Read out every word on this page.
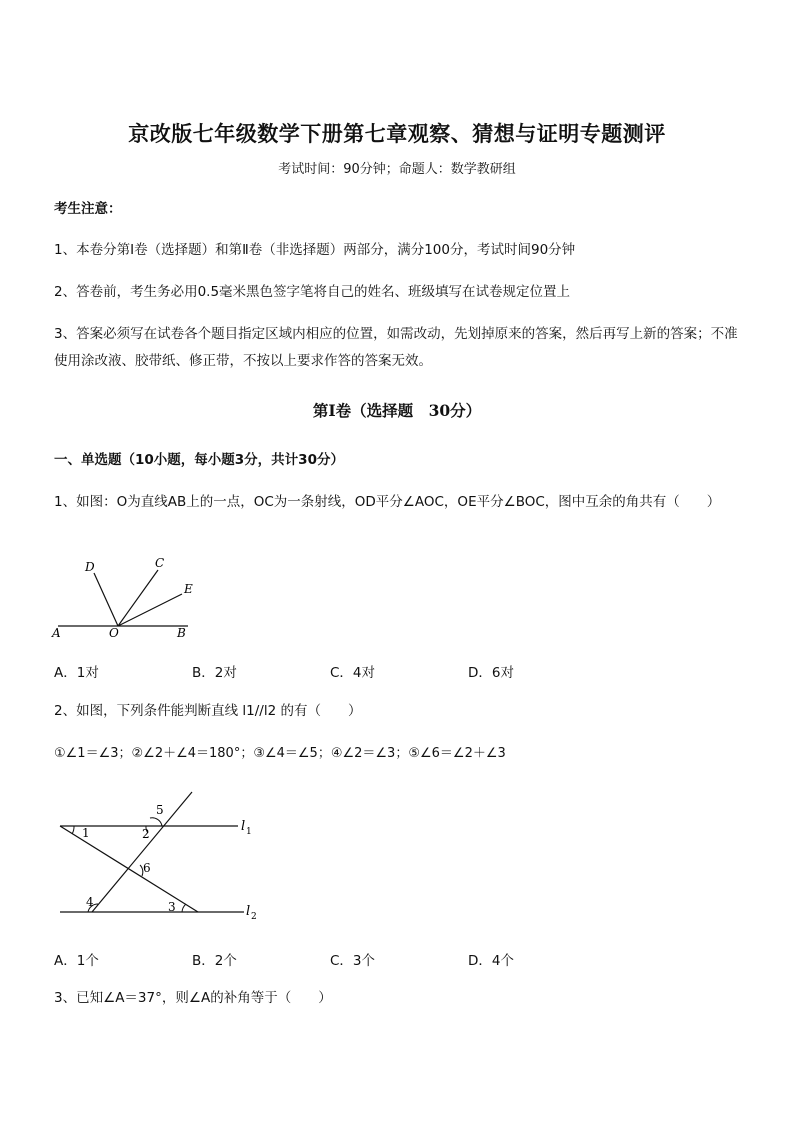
京改版七年级数学下册第七章观察、猜想与证明专题测评
考试时间：90分钟；命题人：数学教研组
考生注意：
1、本卷分第Ⅰ卷（选择题）和第Ⅱ卷（非选择题）两部分，满分100分，考试时间90分钟
2、答卷前，考生务必用0.5毫米黑色签字笔将自己的姓名、班级填写在试卷规定位置上
3、答案必须写在试卷各个题目指定区域内相应的位置，如需改动，先划掉原来的答案，然后再写上新的答案；不准使用涂改液、胶带纸、修正带，不按以上要求作答的答案无效。
第Ⅰ卷（选择题　30分）
一、单选题（10小题，每小题3分，共计30分）
1、如图：O为直线AB上的一点，OC为一条射线，OD平分∠AOC，OE平分∠BOC，图中互余的角共有（　　）
A	O	B
D	C
E
A．1对	B．2对	C．4对	D．6对
2、如图，下列条件能判断直线 l1//l2 的有（　　）
①∠1＝∠3；②∠2＋∠4＝180°；③∠4＝∠5；④∠2＝∠3；⑤∠6＝∠2＋∠3
1	2
5
6
4	3
l 1
l 2
A．1个	B．2个	C．3个	D．4个
3、已知∠A＝37°，则∠A的补角等于（　　）
